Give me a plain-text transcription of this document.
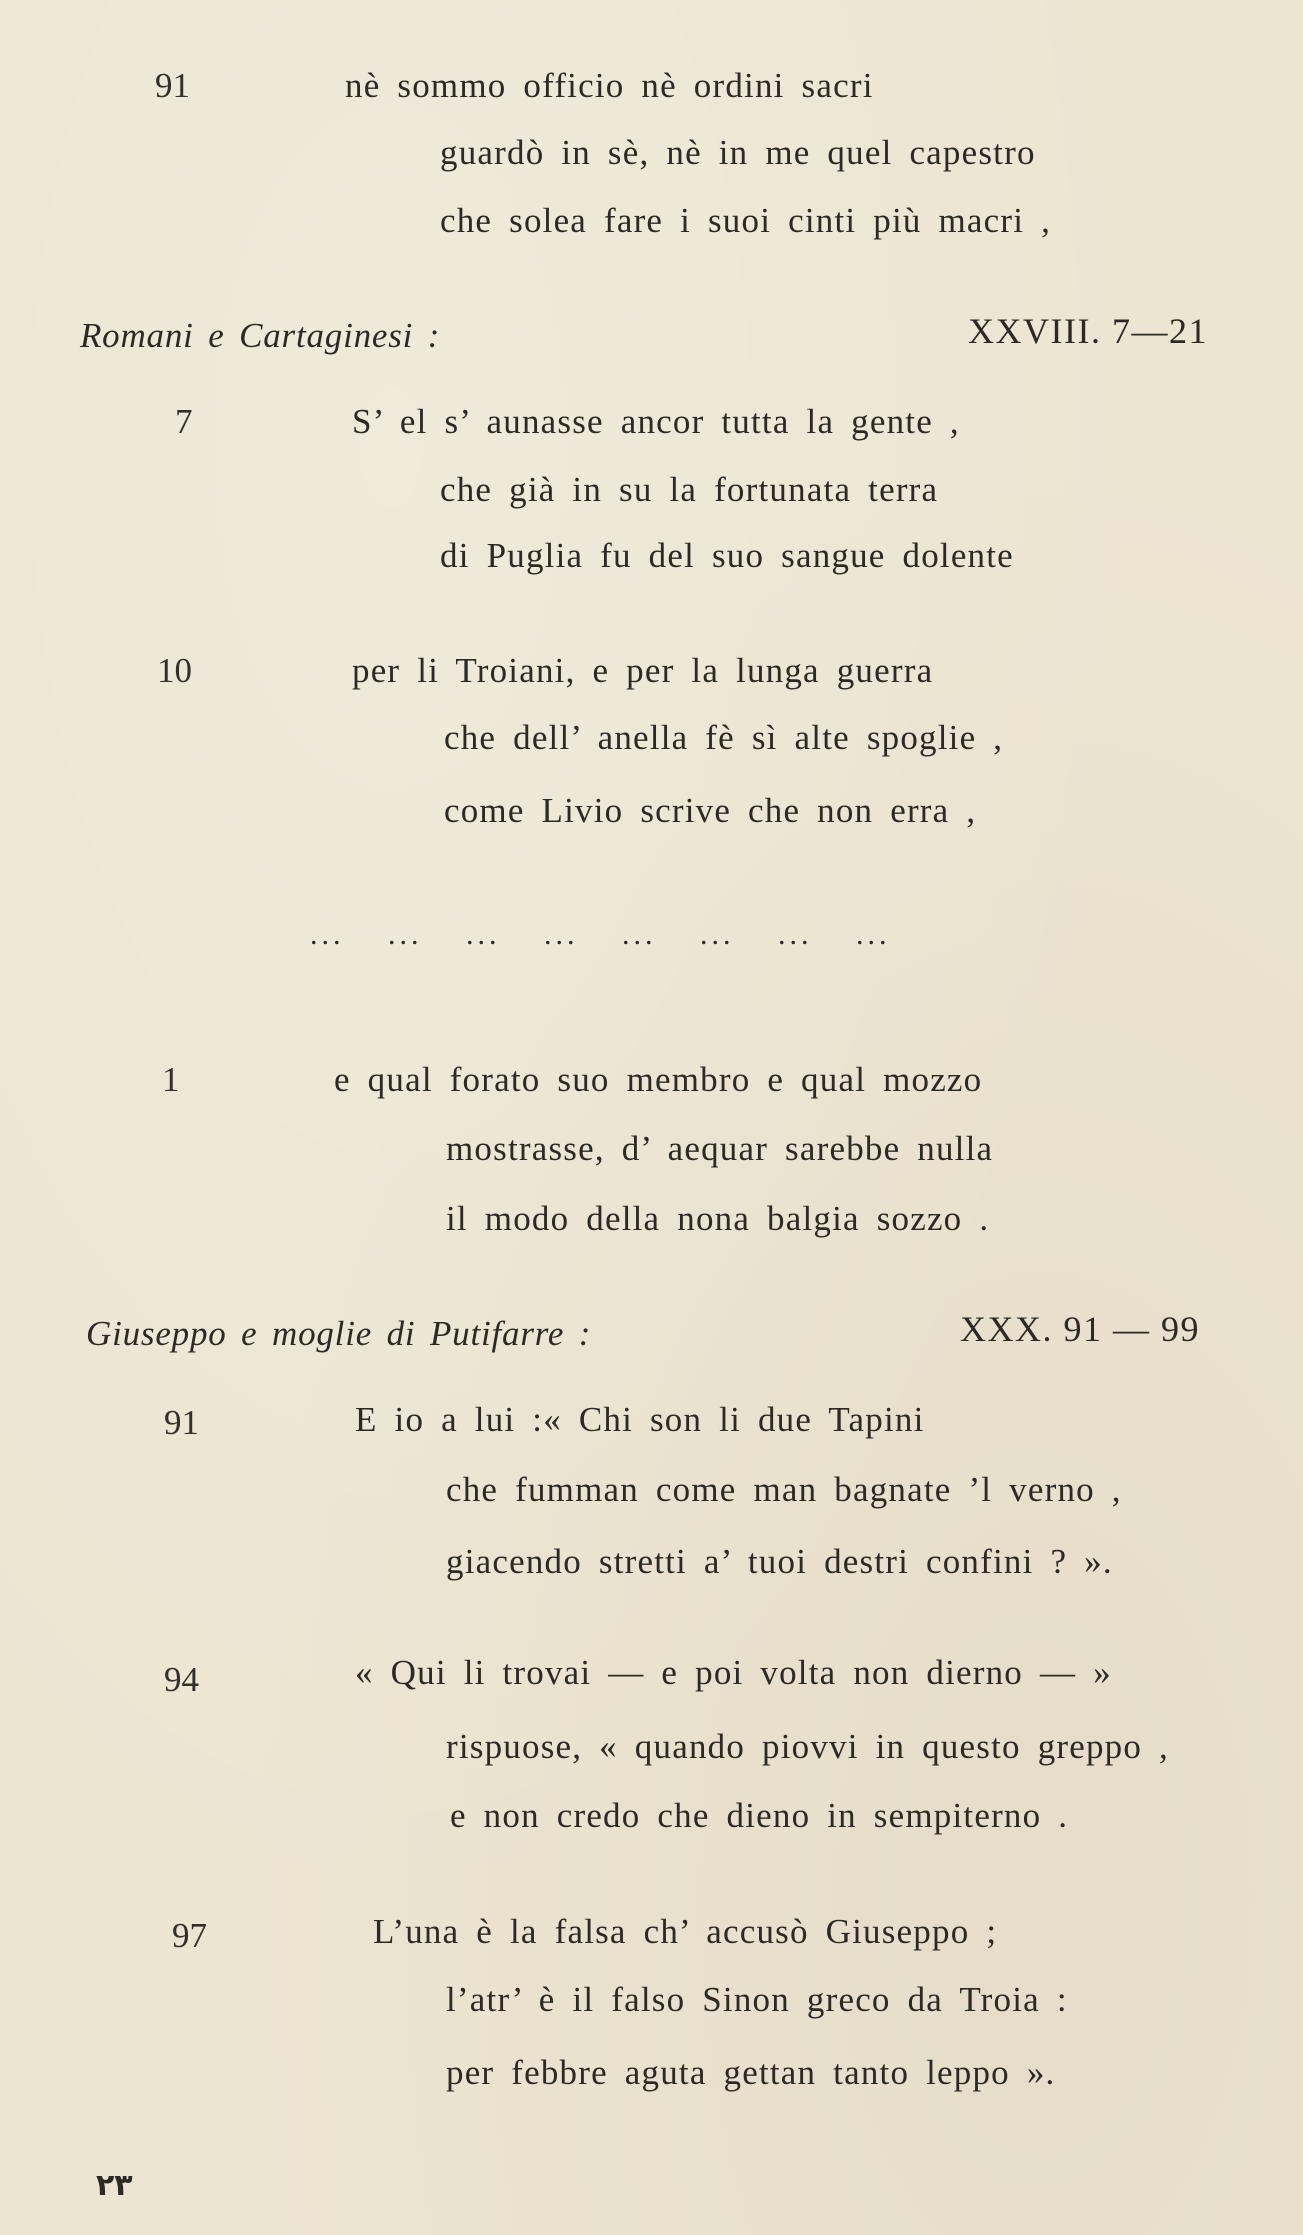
91	nè sommo officio nè ordini sacri
guardò in sè, nè in me quel capestro
che solea fare i suoi cinti più macri ,
Romani e Cartaginesi :	XXVIII. 7—21
7	S’ el s’ aunasse ancor tutta la gente ,
che già in su la fortunata terra
di Puglia fu del suo sangue dolente
10	per li Troiani, e per la lunga guerra
che dell’ anella fè sì alte spoglie ,
come Livio scrive che non erra ,
... ... ... ... ... ... ... ...
1	e qual forato suo membro e qual mozzo
mostrasse, d’ aequar sarebbe nulla
il modo della nona balgia sozzo .
Giuseppo e moglie di Putifarre :	XXX. 91 — 99
91	E io a lui :« Chi son li due Tapini
che fumman come man bagnate ’l verno ,
giacendo stretti a’ tuoi destri confini ? ».
94	« Qui li trovai — e poi volta non dierno — »
rispuose, « quando piovvi in questo greppo ,
e non credo che dieno in sempiterno .
97	L’una è la falsa ch’ accusò Giuseppo ;
l’atr’ è il falso Sinon greco da Troia :
per febbre aguta gettan tanto leppo ».
٢٣
